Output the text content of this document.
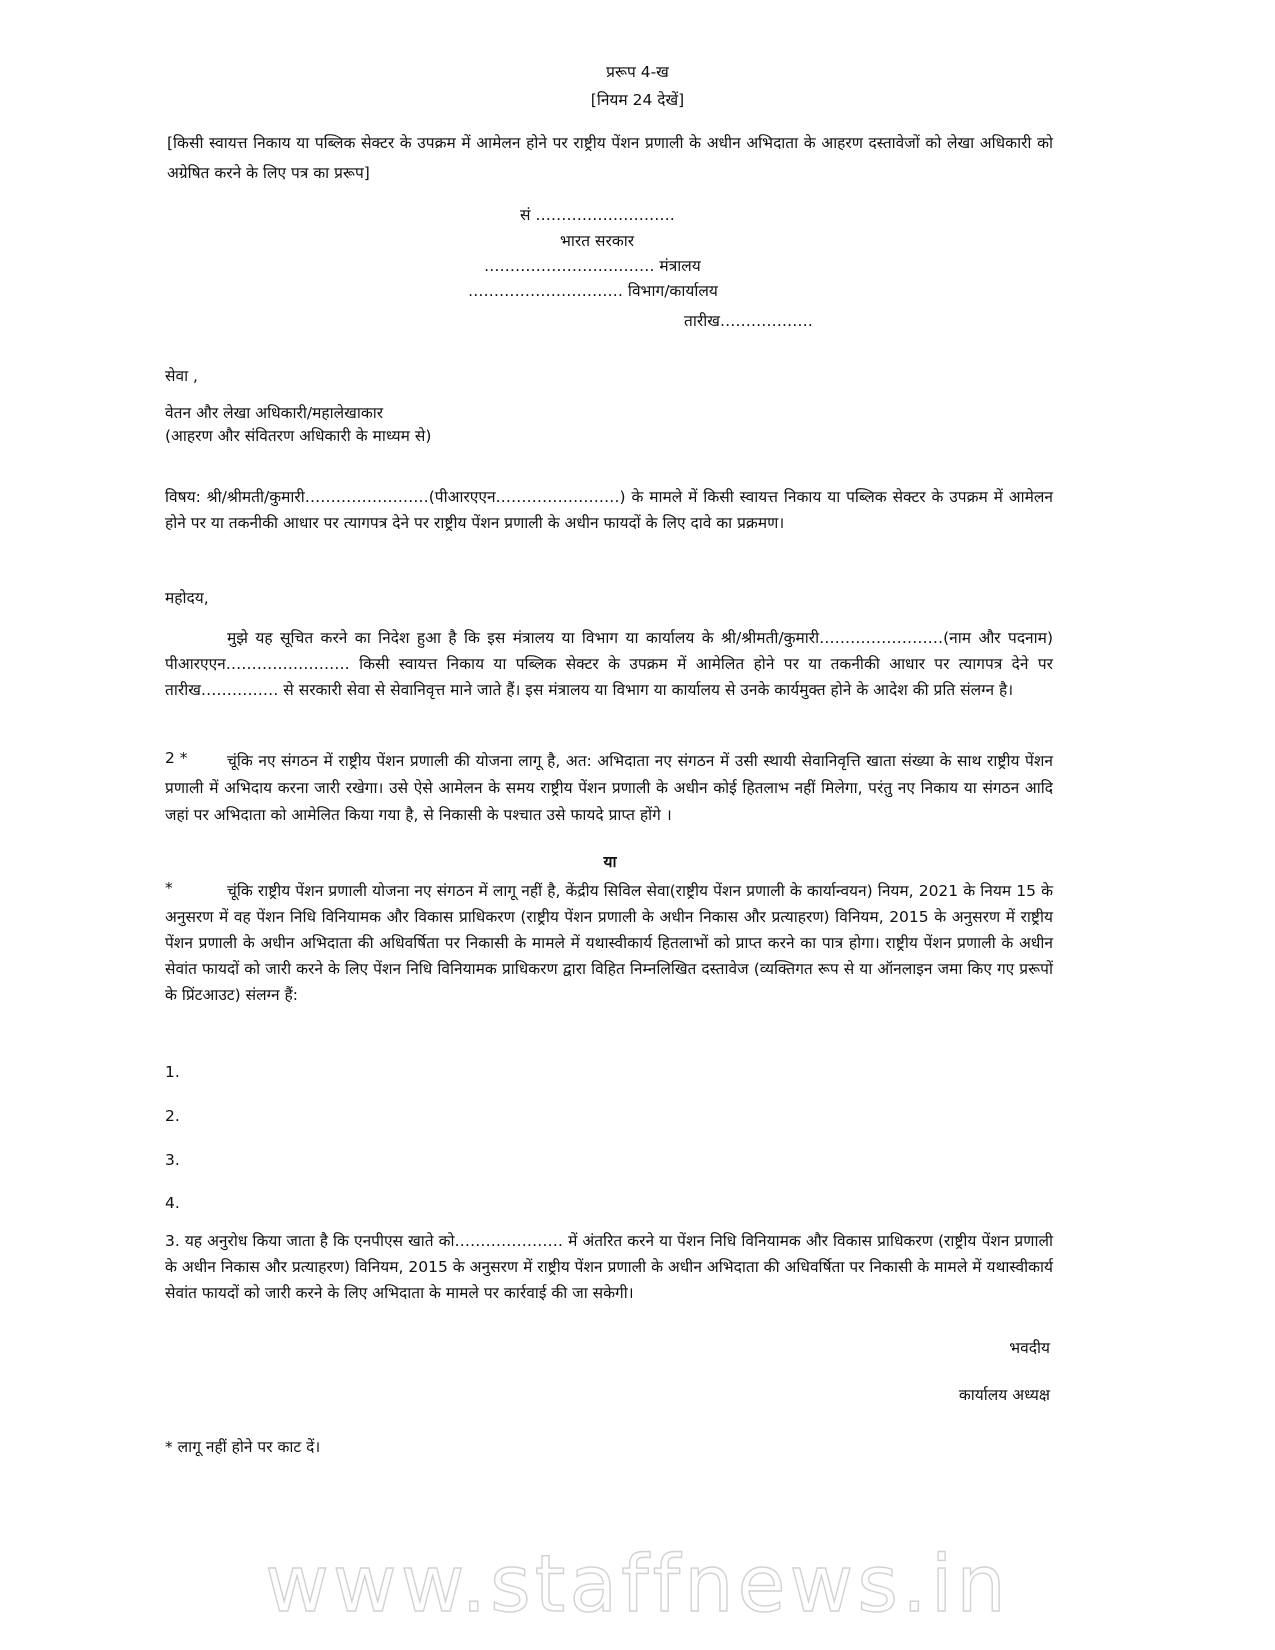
प्ररूप 4-ख
[नियम 24 देखें]
[किसी स्वायत्त निकाय या पब्लिक सेक्टर के उपक्रम में आमेलन होने पर राष्ट्रीय पेंशन प्रणाली के अधीन अभिदाता के आहरण दस्तावेजों को लेखा अधिकारी को अग्रेषित करने के लिए पत्र का प्ररूप]
सं ………………………
भारत सरकार
…………………………… मंत्रालय
………………………… विभाग/कार्यालय
तारीख………………
सेवा ,
वेतन और लेखा अधिकारी/महालेखाकार
(आहरण और संवितरण अधिकारी के माध्यम से)
विषय: श्री/श्रीमती/कुमारी……………………(पीआरएएन……………………) के मामले में किसी स्वायत्त निकाय या पब्लिक सेक्टर के उपक्रम में आमेलन होने पर या तकनीकी आधार पर त्यागपत्र देने पर राष्ट्रीय पेंशन प्रणाली के अधीन फायदों के लिए दावे का प्रक्रमण।
महोदय,
मुझे यह सूचित करने का निदेश हुआ है कि इस मंत्रालय या विभाग या कार्यालय के श्री/श्रीमती/कुमारी……………………(नाम और पदनाम) पीआरएएन…………………… किसी स्वायत्त निकाय या पब्लिक सेक्टर के उपक्रम में आमेलित होने पर या तकनीकी आधार पर त्यागपत्र देने पर तारीख…………… से सरकारी सेवा से सेवानिवृत्त माने जाते हैं। इस मंत्रालय या विभाग या कार्यालय से उनके कार्यमुक्त होने के आदेश की प्रति संलग्न है।
2 *	चूंकि नए संगठन में राष्ट्रीय पेंशन प्रणाली की योजना लागू है, अत: अभिदाता नए संगठन में उसी स्थायी सेवानिवृत्ति खाता संख्या के साथ राष्ट्रीय पेंशन प्रणाली में अभिदाय करना जारी रखेगा। उसे ऐसे आमेलन के समय राष्ट्रीय पेंशन प्रणाली के अधीन कोई हितलाभ नहीं मिलेगा, परंतु नए निकाय या संगठन आदि जहां पर अभिदाता को आमेलित किया गया है, से निकासी के पश्चात उसे फायदे प्राप्त होंगे ।
या
*	चूंकि राष्ट्रीय पेंशन प्रणाली योजना नए संगठन में लागू नहीं है, केंद्रीय सिविल सेवा(राष्ट्रीय पेंशन प्रणाली के कार्यान्वयन) नियम, 2021 के नियम 15 के अनुसरण में वह पेंशन निधि विनियामक और विकास प्राधिकरण (राष्ट्रीय पेंशन प्रणाली के अधीन निकास और प्रत्याहरण) विनियम, 2015 के अनुसरण में राष्ट्रीय पेंशन प्रणाली के अधीन अभिदाता की अधिवर्षिता पर निकासी के मामले में यथास्वीकार्य हितलाभों को प्राप्त करने का पात्र होगा। राष्ट्रीय पेंशन प्रणाली के अधीन सेवांत फायदों को जारी करने के लिए पेंशन निधि विनियामक प्राधिकरण द्वारा विहित निम्नलिखित दस्तावेज (व्यक्तिगत रूप से या ऑनलाइन जमा किए गए प्ररूपों के प्रिंटआउट) संलग्न हैं:
1.
2.
3.
4.
3. यह अनुरोध किया जाता है कि एनपीएस खाते को………………… में अंतरित करने या पेंशन निधि विनियामक और विकास प्राधिकरण (राष्ट्रीय पेंशन प्रणाली के अधीन निकास और प्रत्याहरण) विनियम, 2015 के अनुसरण में राष्ट्रीय पेंशन प्रणाली के अधीन अभिदाता की अधिवर्षिता पर निकासी के मामले में यथास्वीकार्य सेवांत फायदों को जारी करने के लिए अभिदाता के मामले पर कार्रवाई की जा सकेगी।
भवदीय
कार्यालय अध्यक्ष
* लागू नहीं होने पर काट दें।
www.staffnews.in
